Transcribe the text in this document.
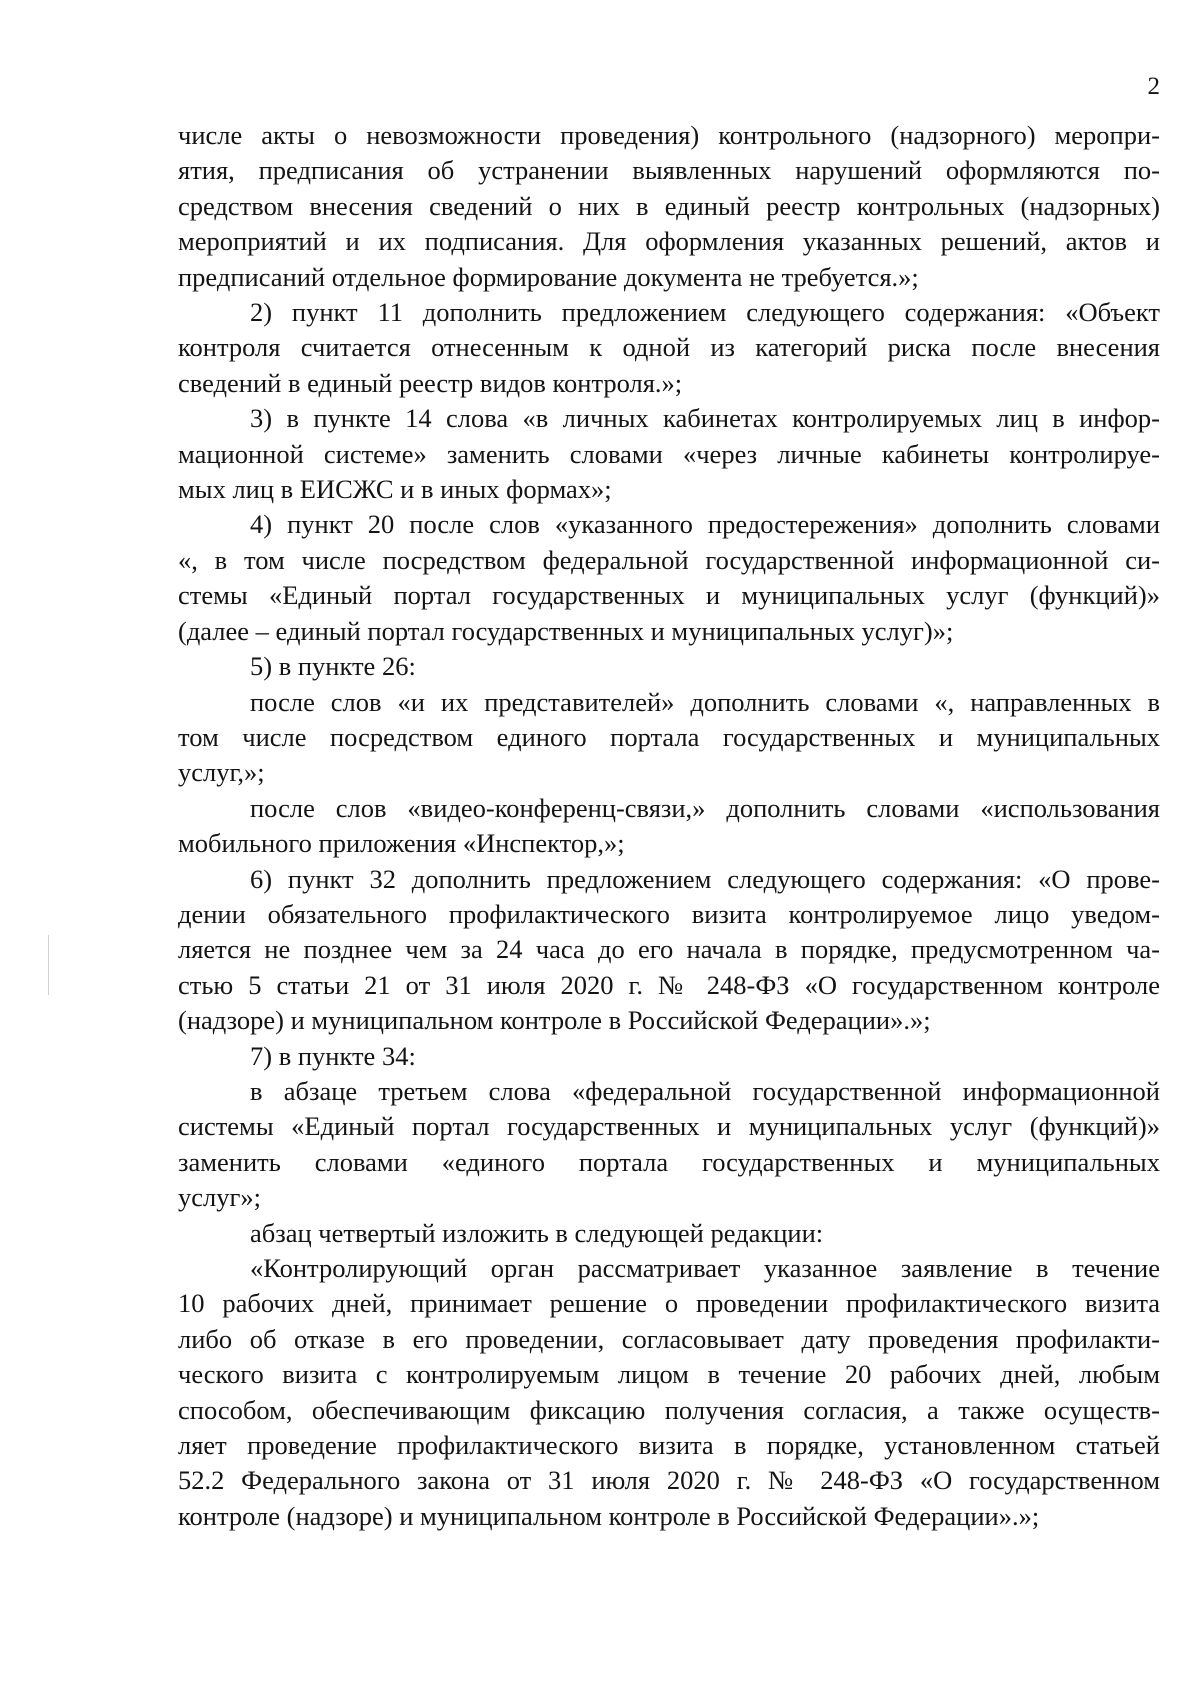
2
числе акты о невозможности проведения) контрольного (надзорного) меропри-
ятия, предписания об устранении выявленных нарушений оформляются по-
средством внесения сведений о них в единый реестр контрольных (надзорных)
мероприятий и их подписания. Для оформления указанных решений, актов и
предписаний отдельное формирование документа не требуется.»;
2) пункт 11 дополнить предложением следующего содержания: «Объект
контроля считается отнесенным к одной из категорий риска после внесения
сведений в единый реестр видов контроля.»;
3) в пункте 14 слова «в личных кабинетах контролируемых лиц в инфор-
мационной системе» заменить словами «через личные кабинеты контролируе-
мых лиц в ЕИСЖС и в иных формах»;
4) пункт 20 после слов «указанного предостережения» дополнить словами
«, в том числе посредством федеральной государственной информационной си-
стемы «Единый портал государственных и муниципальных услуг (функций)»
(далее – единый портал государственных и муниципальных услуг)»;
5) в пункте 26:
после слов «и их представителей» дополнить словами «, направленных в
том числе посредством единого портала государственных и муниципальных
услуг,»;
после слов «видео-конференц-связи,» дополнить словами «использования
мобильного приложения «Инспектор,»;
6) пункт 32 дополнить предложением следующего содержания: «О прове-
дении обязательного профилактического визита контролируемое лицо уведом-
ляется не позднее чем за 24 часа до его начала в порядке, предусмотренном ча-
стью 5 статьи 21 от 31 июля 2020 г. № 248-ФЗ «О государственном контроле
(надзоре) и муниципальном контроле в Российской Федерации».»;
7) в пункте 34:
в абзаце третьем слова «федеральной государственной информационной
системы «Единый портал государственных и муниципальных услуг (функций)»
заменить словами «единого портала государственных и муниципальных
услуг»;
абзац четвертый изложить в следующей редакции:
«Контролирующий орган рассматривает указанное заявление в течение
10 рабочих дней, принимает решение о проведении профилактического визита
либо об отказе в его проведении, согласовывает дату проведения профилакти-
ческого визита с контролируемым лицом в течение 20 рабочих дней, любым
способом, обеспечивающим фиксацию получения согласия, а также осуществ-
ляет проведение профилактического визита в порядке, установленном статьей
52.2 Федерального закона от 31 июля 2020 г. № 248-ФЗ «О государственном
контроле (надзоре) и муниципальном контроле в Российской Федерации».»;
